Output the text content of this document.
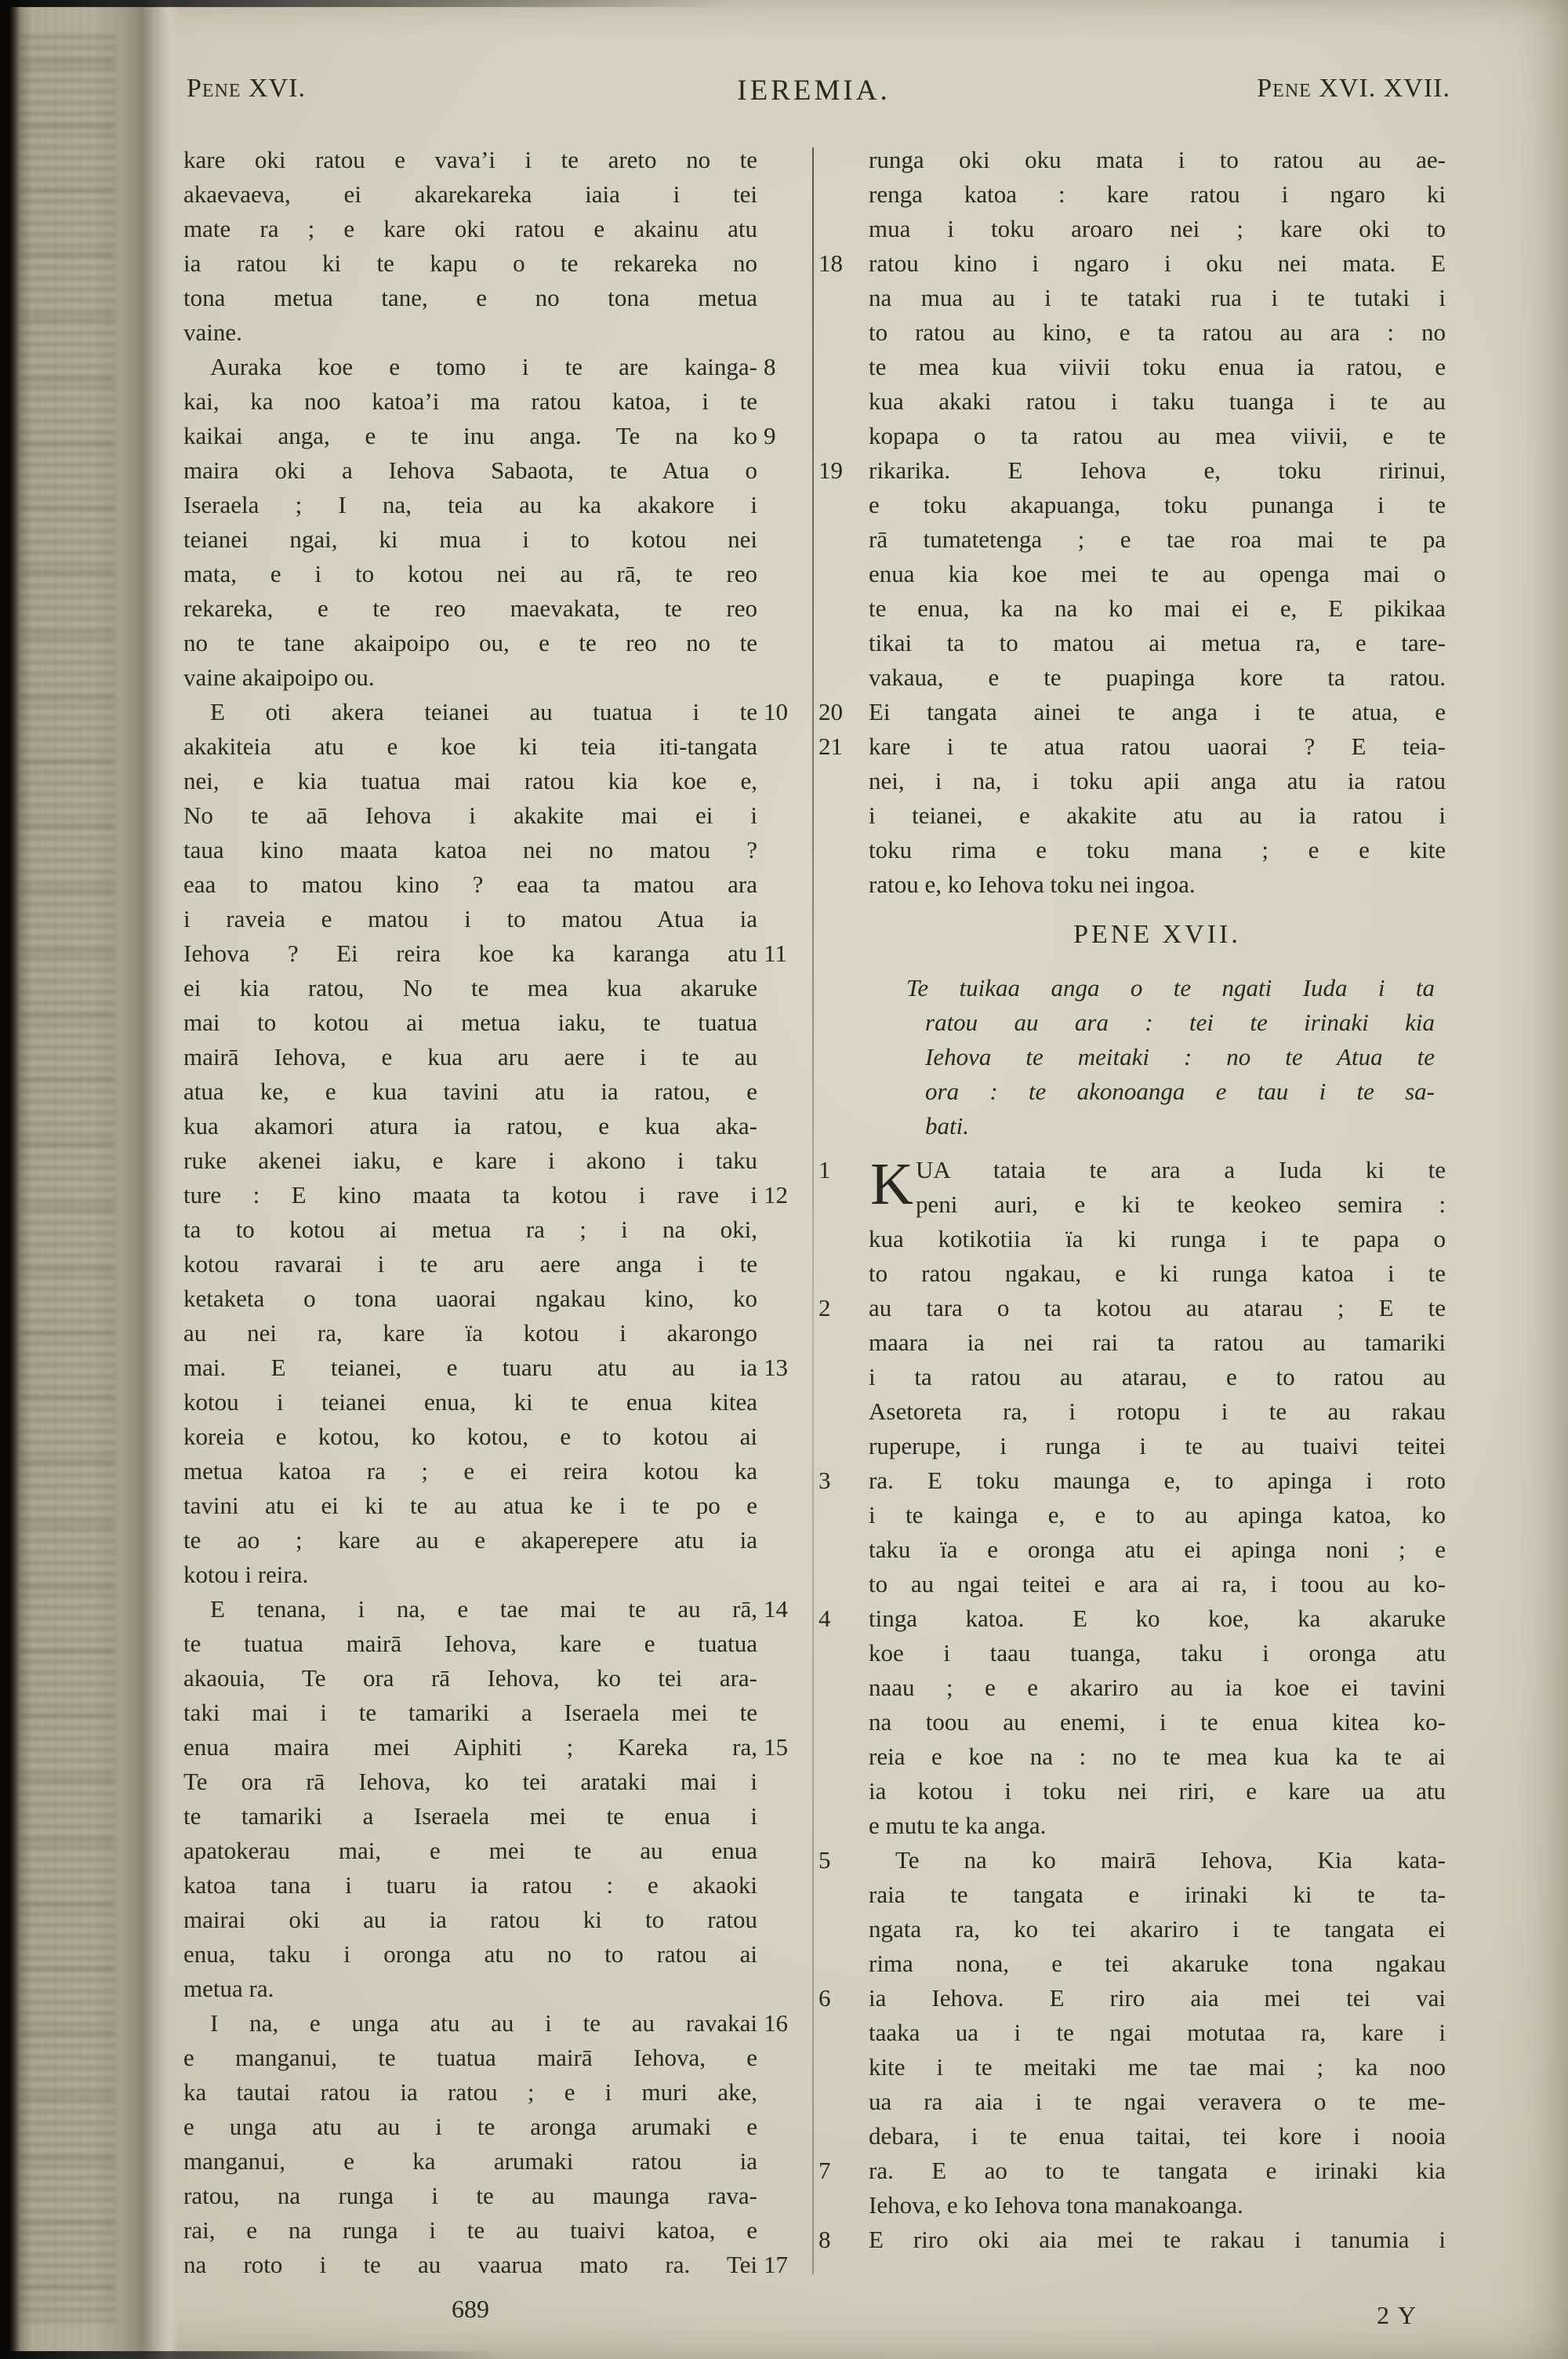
Pene XVI.	IEREMIA.	Pene XVI. XVII.
kare oki ratou e vava’i i te areto no te
akaevaeva, ei akarekareka iaia i tei
mate ra ; e kare oki ratou e akainu atu
ia ratou ki te kapu o te rekareka no
tona metua tane, e no tona metua
vaine.
Auraka koe e tomo i te are kainga- 8
kai, ka noo katoa’i ma ratou katoa, i te
kaikai anga, e te inu anga. Te na ko 9
maira oki a Iehova Sabaota, te Atua o
Iseraela ; I na, teia au ka akakore i
teianei ngai, ki mua i to kotou nei
mata, e i to kotou nei au rā, te reo
rekareka, e te reo maevakata, te reo
no te tane akaipoipo ou, e te reo no te
vaine akaipoipo ou.
E oti akera teianei au tuatua i te 10
akakiteia atu e koe ki teia iti-tangata
nei, e kia tuatua mai ratou kia koe e,
No te aā Iehova i akakite mai ei i
taua kino maata katoa nei no matou ?
eaa to matou kino ? eaa ta matou ara
i raveia e matou i to matou Atua ia
Iehova ? Ei reira koe ka karanga atu 11
ei kia ratou, No te mea kua akaruke
mai to kotou ai metua iaku, te tuatua
mairā Iehova, e kua aru aere i te au
atua ke, e kua tavini atu ia ratou, e
kua akamori atura ia ratou, e kua aka-
ruke akenei iaku, e kare i akono i taku
ture : E kino maata ta kotou i rave i 12
ta to kotou ai metua ra ; i na oki,
kotou ravarai i te aru aere anga i te
ketaketa o tona uaorai ngakau kino, ko
au nei ra, kare ïa kotou i akarongo
mai. E teianei, e tuaru atu au ia 13
kotou i teianei enua, ki te enua kitea
koreia e kotou, ko kotou, e to kotou ai
metua katoa ra ; e ei reira kotou ka
tavini atu ei ki te au atua ke i te po e
te ao ; kare au e akaperepere atu ia
kotou i reira.
E tenana, i na, e tae mai te au rā, 14
te tuatua mairā Iehova, kare e tuatua
akaouia, Te ora rā Iehova, ko tei ara-
taki mai i te tamariki a Iseraela mei te
enua maira mei Aiphiti ; Kareka ra, 15
Te ora rā Iehova, ko tei arataki mai i
te tamariki a Iseraela mei te enua i
apatokerau mai, e mei te au enua
katoa tana i tuaru ia ratou : e akaoki
mairai oki au ia ratou ki to ratou
enua, taku i oronga atu no to ratou ai
metua ra.
I na, e unga atu au i te au ravakai 16
e manganui, te tuatua mairā Iehova, e
ka tautai ratou ia ratou ; e i muri ake,
e unga atu au i te aronga arumaki e
manganui, e ka arumaki ratou ia
ratou, na runga i te au maunga rava-
rai, e na runga i te au tuaivi katoa, e
na roto i te au vaarua mato ra. Tei 17
runga oki oku mata i to ratou au ae-
renga katoa : kare ratou i ngaro ki
mua i toku aroaro nei ; kare oki to
ratou kino i ngaro i oku nei mata. E
18
na mua au i te tataki rua i te tutaki i
to ratou au kino, e ta ratou au ara : no
te mea kua viivii toku enua ia ratou, e
kua akaki ratou i taku tuanga i te au
kopapa o ta ratou au mea viivii, e te
rikarika. E Iehova e, toku ririnui,
19
e toku akapuanga, toku punanga i te
rā tumatetenga ; e tae roa mai te pa
enua kia koe mei te au openga mai o
te enua, ka na ko mai ei e, E pikikaa
tikai ta to matou ai metua ra, e tare-
vakaua, e te puapinga kore ta ratou.
Ei tangata ainei te anga i te atua, e
20
kare i te atua ratou uaorai ? E teia-
21
nei, i na, i toku apii anga atu ia ratou
i teianei, e akakite atu au ia ratou i
toku rima e toku mana ; e e kite
ratou e, ko Iehova toku nei ingoa.
PENE XVII.
Te tuikaa anga o te ngati Iuda i ta
ratou au ara : tei te irinaki kia
Iehova te meitaki : no te Atua te
ora : te akonoanga e tau i te sa-
bati.
K UA tataia te ara a Iuda ki te
1
peni auri, e ki te keokeo semira :
kua kotikotiia ïa ki runga i te papa o
to ratou ngakau, e ki runga katoa i te
au tara o ta kotou au atarau ; E te
2
maara ia nei rai ta ratou au tamariki
i ta ratou au atarau, e to ratou au
Asetoreta ra, i rotopu i te au rakau
ruperupe, i runga i te au tuaivi teitei
ra. E toku maunga e, to apinga i roto
3
i te kainga e, e to au apinga katoa, ko
taku ïa e oronga atu ei apinga noni ; e
to au ngai teitei e ara ai ra, i toou au ko-
tinga katoa. E ko koe, ka akaruke
4
koe i taau tuanga, taku i oronga atu
naau ; e e akariro au ia koe ei tavini
na toou au enemi, i te enua kitea ko-
reia e koe na : no te mea kua ka te ai
ia kotou i toku nei riri, e kare ua atu
e mutu te ka anga.
Te na ko mairā Iehova, Kia kata-
5
raia te tangata e irinaki ki te ta-
ngata ra, ko tei akariro i te tangata ei
rima nona, e tei akaruke tona ngakau
ia Iehova. E riro aia mei tei vai
6
taaka ua i te ngai motutaa ra, kare i
kite i te meitaki me tae mai ; ka noo
ua ra aia i te ngai veravera o te me-
debara, i te enua taitai, tei kore i nooia
ra. E ao to te tangata e irinaki kia
7
Iehova, e ko Iehova tona manakoanga.
E riro oki aia mei te rakau i tanumia i
8
689	2 Y
